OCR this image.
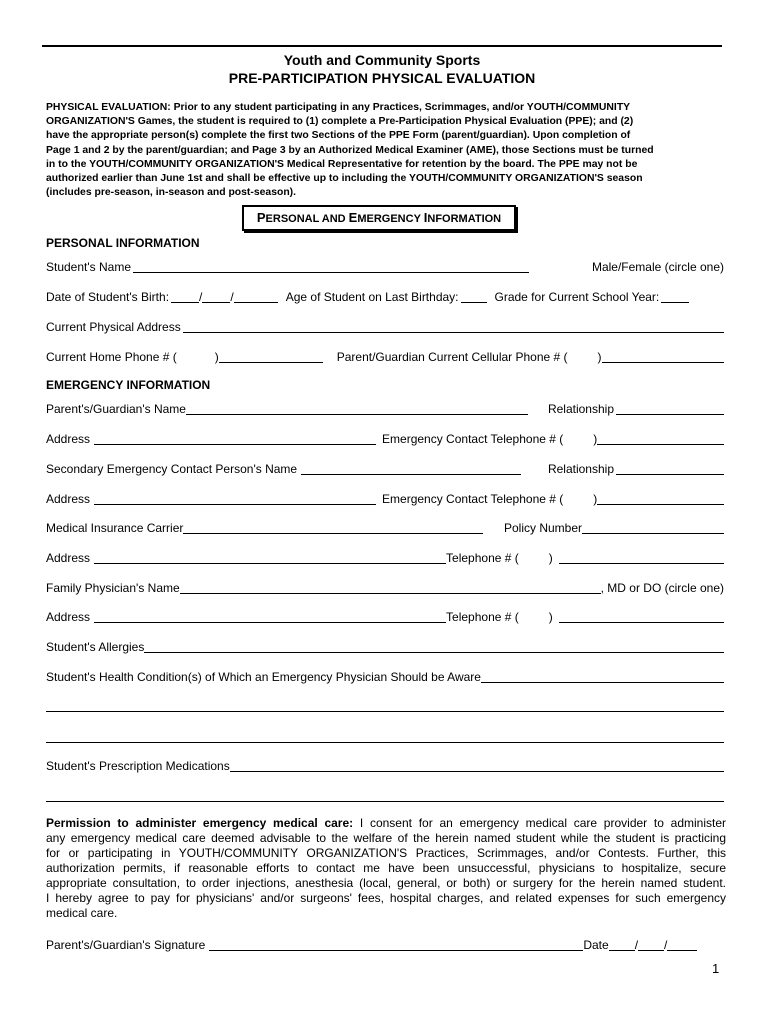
Youth and Community Sports
PRE-PARTICIPATION PHYSICAL EVALUATION
PHYSICAL EVALUATION: Prior to any student participating in any Practices, Scrimmages, and/or YOUTH/COMMUNITY
ORGANIZATION'S Games, the student is required to (1) complete a Pre-Participation Physical Evaluation (PPE); and (2)
have the appropriate person(s) complete the first two Sections of the PPE Form (parent/guardian). Upon completion of
Page 1 and 2 by the parent/guardian; and Page 3 by an Authorized Medical Examiner (AME), those Sections must be turned
in to the YOUTH/COMMUNITY ORGANIZATION'S Medical Representative for retention by the board. The PPE may not be
authorized earlier than June 1st and shall be effective up to including the YOUTH/COMMUNITY ORGANIZATION'S season
(includes pre-season, in-season and post-season).
PERSONAL AND EMERGENCY INFORMATION
PERSONAL INFORMATION
Student's Name	Male/Female (circle one)
Date of Student's Birth:	/ /	Age of Student on Last Birthday:	Grade for Current School Year:
Current Physical Address
Current Home Phone # (	)	Parent/Guardian Current Cellular Phone # (	)
EMERGENCY INFORMATION
Parent's/Guardian's Name	Relationship
Address	Emergency Contact Telephone # (	)
Secondary Emergency Contact Person's Name	Relationship
Address	Emergency Contact Telephone # (	)
Medical Insurance Carrier	Policy Number
Address	Telephone # (	)
Family Physician's Name	, MD or DO (circle one)
Address	Telephone # (	)
Student's Allergies
Student's Health Condition(s) of Which an Emergency Physician Should be Aware
Student's Prescription Medications
Permission to administer emergency medical care: I consent for an emergency medical care provider to administer
any emergency medical care deemed advisable to the welfare of the herein named student while the student is practicing
for or participating in YOUTH/COMMUNITY ORGANIZATION'S Practices, Scrimmages, and/or Contests. Further, this
authorization permits, if reasonable efforts to contact me have been unsuccessful, physicians to hospitalize, secure
appropriate consultation, to order injections, anesthesia (local, general, or both) or surgery for the herein named student.
I hereby agree to pay for physicians' and/or surgeons' fees, hospital charges, and related expenses for such emergency
medical care.
Parent's/Guardian's Signature	Date / /
1
